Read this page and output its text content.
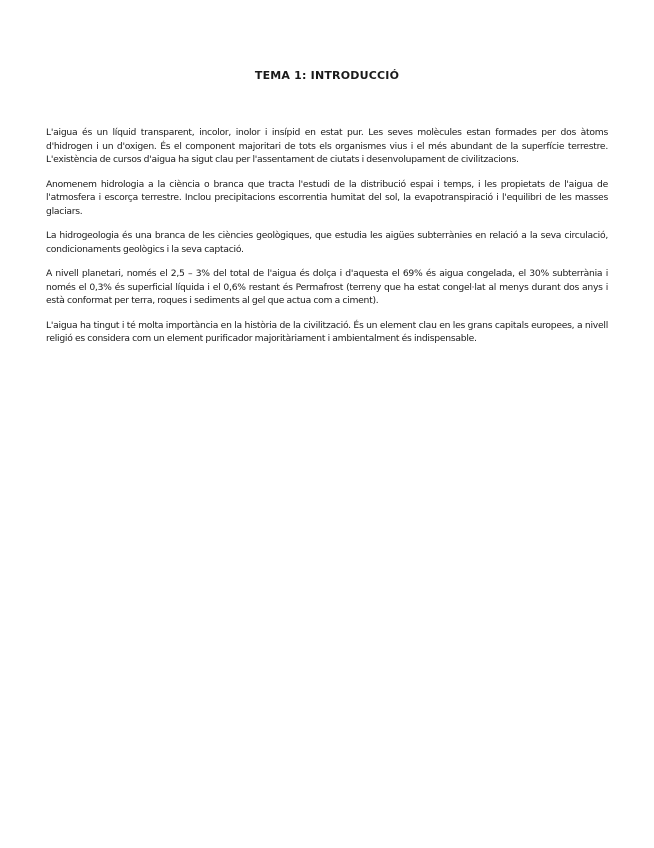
TEMA 1: INTRODUCCIÓ

L'aigua és un líquid transparent, incolor, inolor i insípid en estat pur. Les seves molècules estan formades per dos àtoms d'hidrogen i un d'oxigen. És el component majoritari de tots els organismes vius i el més abundant de la superfície terrestre. L'existència de cursos d'aigua ha sigut clau per l'assentament de ciutats i desenvolupament de civilitzacions.

Anomenem hidrologia a la ciència o branca que tracta l'estudi de la distribució espai i temps, i les propietats de l'aigua de l'atmosfera i escorça terrestre. Inclou precipitacions escorrentia humitat del sol, la evapotranspiració i l'equilibri de les masses glaciars.

La hidrogeologia és una branca de les ciències geològiques, que estudia les aigües subterrànies en relació a la seva circulació, condicionaments geològics i la seva captació.

A nivell planetari, només el 2,5 – 3% del total de l'aigua és dolça i d'aquesta el 69% és aigua congelada, el 30% subterrània i només el 0,3% és superficial líquida i el 0,6% restant és Permafrost (terreny que ha estat congel·lat al menys durant dos anys i està conformat per terra, roques i sediments al gel que actua com a ciment).

L'aigua ha tingut i té molta importància en la història de la civilització. És un element clau en les grans capitals europees, a nivell religió es considera com un element purificador majoritàriament i ambientalment és indispensable.
